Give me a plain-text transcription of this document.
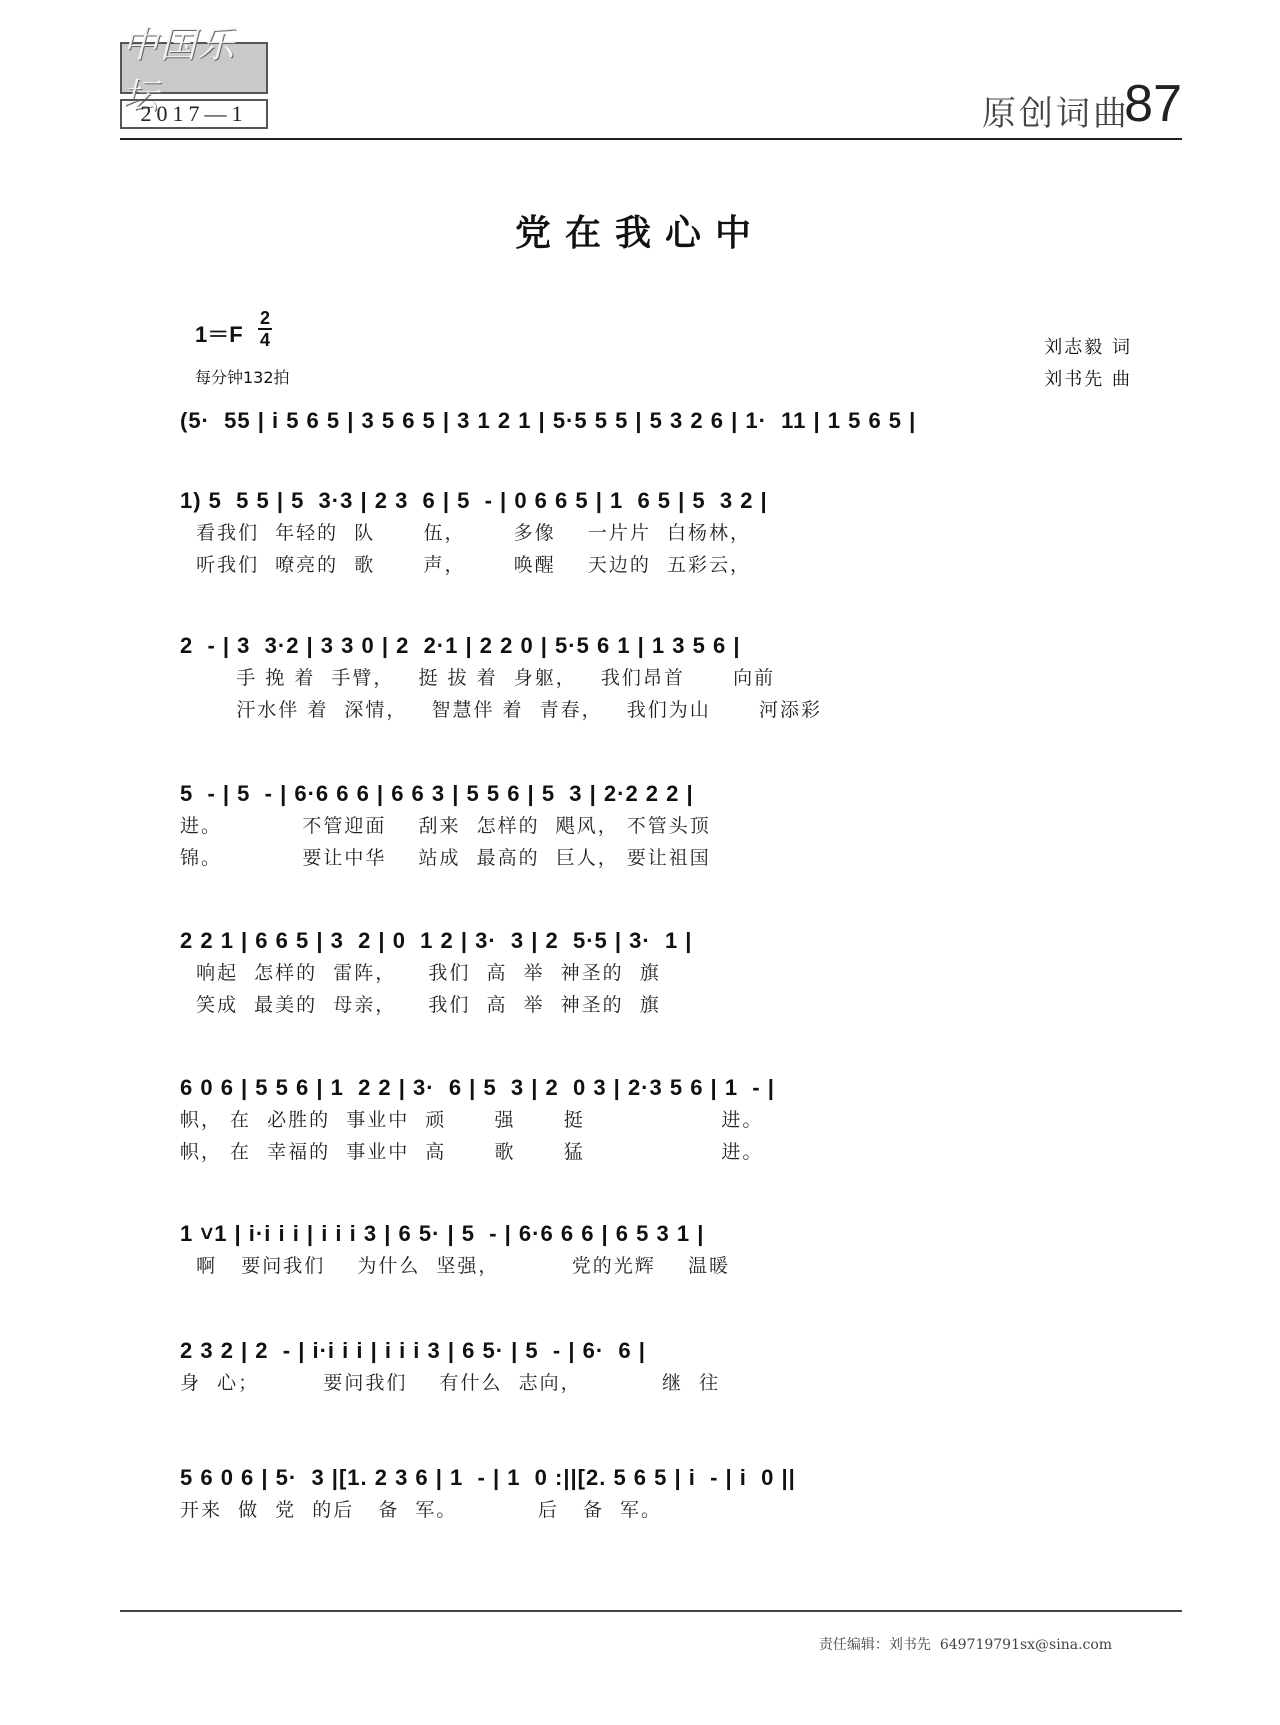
中国乐坛
2017—1	原创词曲
87
党在我心中
1＝F
2
4
每分钟132拍
刘志毅 词
刘书先 曲
(5·  55 | i 5 6 5 | 3 5 6 5 | 3 1 2 1 | 5·5 5 5 | 5 3 2 6 | 1·  11 | 1 5 6 5 |
1) 5  5 5 | 5  3·3 | 2 3  6 | 5  - | 0 6 6 5 | 1  6 5 | 5  3 2 |
看我们  年轻的  队      伍，      多像    一片片  白杨林，
听我们  嘹亮的  歌      声，      唤醒    天边的  五彩云，
2  - | 3  3·2 | 3 3 0 | 2  2·1 | 2 2 0 | 5·5 6 1 | 1 3 5 6 |
手 挽 着  手臂，   挺 拔 着  身躯，   我们昂首      向前
汗水伴 着  深情，   智慧伴 着  青春，   我们为山      河添彩
5  - | 5  - | 6·6 6 6 | 6 6 3 | 5 5 6 | 5  3 | 2·2 2 2 |
进。          不管迎面    刮来  怎样的  飓风， 不管头顶
锦。          要让中华    站成  最高的  巨人， 要让祖国
2 2 1 | 6 6 5 | 3  2 | 0  1 2 | 3·  3 | 2  5·5 | 3·  1 |
响起  怎样的  雷阵，    我们  高  举  神圣的  旗
笑成  最美的  母亲，    我们  高  举  神圣的  旗
6 0 6 | 5 5 6 | 1  2 2 | 3·  6 | 5  3 | 2  0 3 | 2·3 5 6 | 1  - |
帜， 在  必胜的  事业中  顽      强      挺                 进。
帜， 在  幸福的  事业中  高      歌      猛                 进。
1 ˅1 | i·i i i | i i i 3 | 6 5· | 5  - | 6·6 6 6 | 6 5 3 1 |
啊   要问我们    为什么  坚强，         党的光辉    温暖
2 3 2 | 2  - | i·i i i | i i i 3 | 6 5· | 5  - | 6·  6 |
身  心；        要问我们    有什么  志向，          继  往
5 6 0 6 | 5·  3 |[1. 2 3 6 | 1  - | 1  0 :||[2. 5 6 5 | i  - | i  0 ||
开来  做  党  的后   备  军。          后   备  军。

责任编辑：刘书先 649719791sx@sina.com
